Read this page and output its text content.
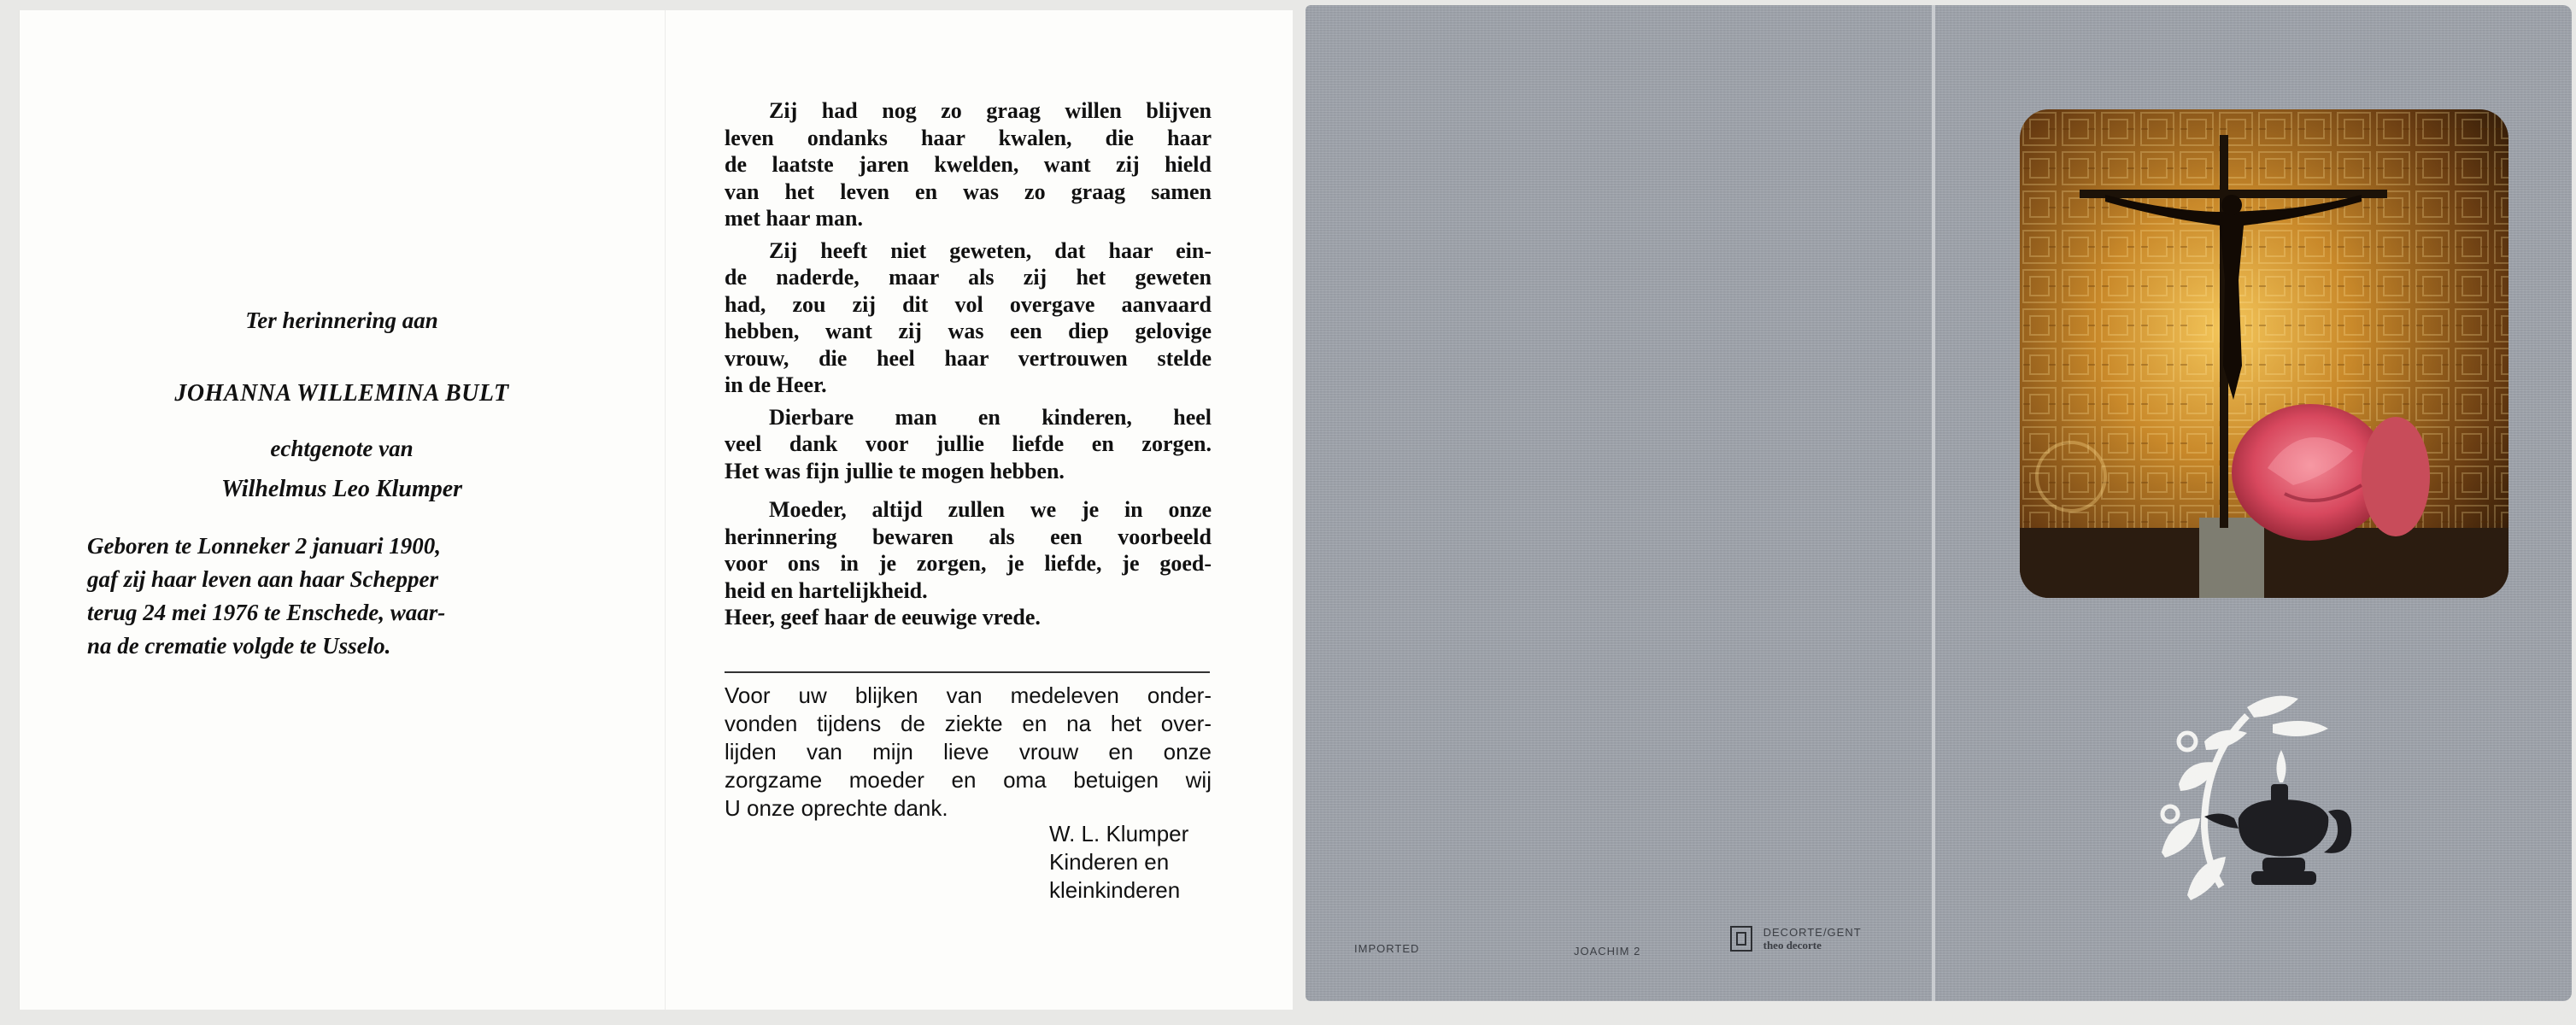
Ter herinnering aan
JOHANNA WILLEMINA BULT
echtgenote van
Wilhelmus Leo Klumper
Geboren te Lonneker 2 januari 1900,
gaf zij haar leven aan haar Schepper
terug 24 mei 1976 te Enschede, waar-
na de crematie volgde te Usselo.
Zij had nog zo graag willen blijven
leven ondanks haar kwalen, die haar
de laatste jaren kwelden, want zij hield
van het leven en was zo graag samen
met haar man.
Zij heeft niet geweten, dat haar ein-
de naderde, maar als zij het geweten
had, zou zij dit vol overgave aanvaard
hebben, want zij was een diep gelovige
vrouw, die heel haar vertrouwen stelde
in de Heer.
Dierbare man en kinderen, heel
veel dank voor jullie liefde en zorgen.
Het was fijn jullie te mogen hebben.
Moeder, altijd zullen we je in onze
herinnering bewaren als een voorbeeld
voor ons in je zorgen, je liefde, je goed-
heid en hartelijkheid.
Heer, geef haar de eeuwige vrede.
Voor uw blijken van medeleven onder-
vonden tijdens de ziekte en na het over-
lijden van mijn lieve vrouw en onze
zorgzame moeder en oma betuigen wij
U onze oprechte dank.
W. L. Klumper
Kinderen en
kleinkinderen
IMPORTED	JOACHIM 2

DECORTE/GENT
theo decorte
